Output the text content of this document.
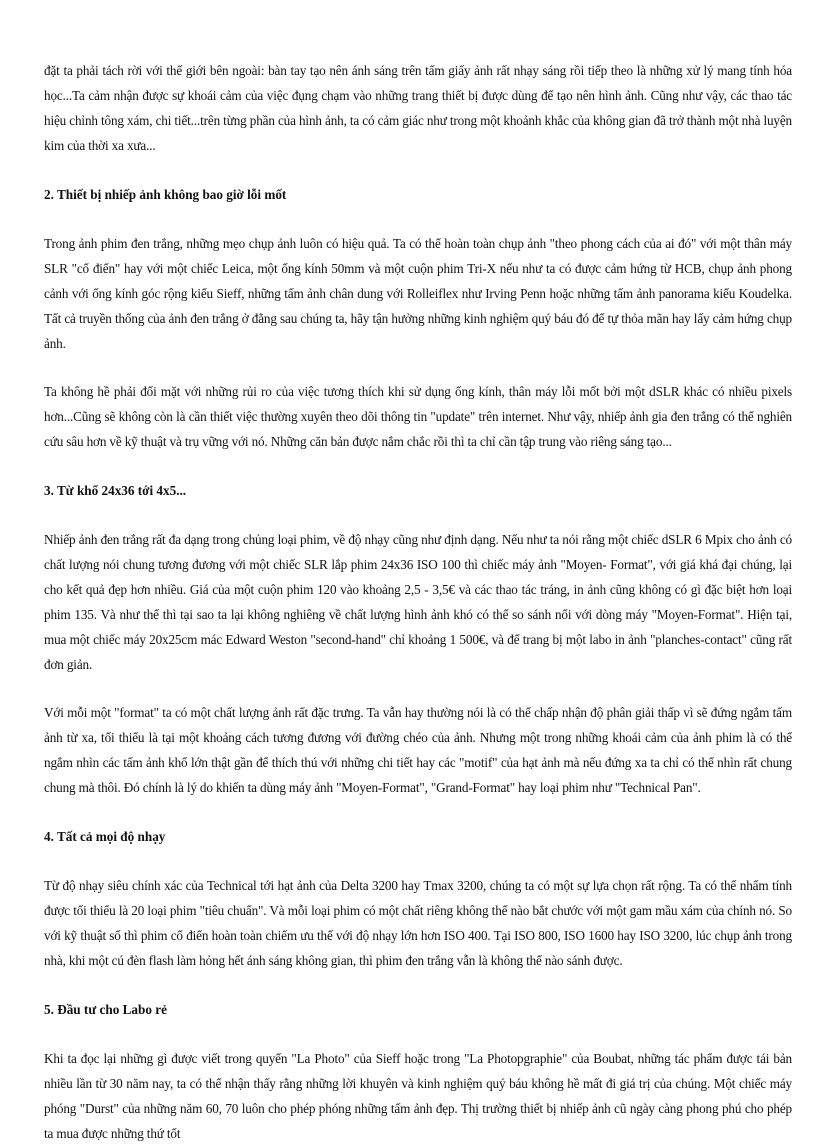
đặt ta phải tách rời với thế giới bên ngoài: bàn tay tạo nên ánh sáng trên tấm giấy ảnh rất nhạy sáng rồi tiếp theo là những xử lý mang tính hóa học...Ta cảm nhận được sự khoái cảm của việc đụng chạm vào những trang thiết bị được dùng để tạo nên hình ảnh. Cũng như vậy, các thao tác hiệu chỉnh tông xám, chi tiết...trên từng phần của hình ảnh, ta có cảm giác như trong một khoảnh khắc của không gian đã trở thành một nhà luyện kim của thời xa xưa...

2. Thiết bị nhiếp ảnh không bao giờ lỗi mốt

Trong ảnh phim đen trắng, những mẹo chụp ảnh luôn có hiệu quả. Ta có thể hoàn toàn chụp ảnh "theo phong cách của ai đó" với một thân máy SLR "cổ điển" hay với một chiếc Leica, một ống kính 50mm và một cuộn phim Tri-X nếu như ta có được cảm hứng từ HCB, chụp ảnh phong cảnh với ống kính góc rộng kiểu Sieff, những tấm ảnh chân dung với Rolleiflex như Irving Penn hoặc những tấm ảnh panorama kiểu Koudelka. Tất cả truyền thống của ảnh đen trắng ở đằng sau chúng ta, hãy tận hưởng những kinh nghiệm quý báu đó để tự thỏa mãn hay lấy cảm hứng chụp ảnh.

Ta không hề phải đối mặt với những rủi ro của việc tương thích khi sử dụng ống kính, thân máy lỗi mốt bởi một dSLR khác có nhiều pixels hơn...Cũng sẽ không còn là cần thiết việc thường xuyên theo dõi thông tin "update" trên internet. Như vậy, nhiếp ảnh gia đen trắng có thể nghiên cứu sâu hơn về kỹ thuật và trụ vững với nó. Những căn bản được nắm chắc rồi thì ta chỉ cần tập trung vào riêng sáng tạo...

3. Từ khổ 24x36 tới 4x5...

Nhiếp ảnh đen trắng rất đa dạng trong chủng loại phim, về độ nhạy cũng như định dạng. Nếu như ta nói rằng một chiếc dSLR 6 Mpix cho ảnh có chất lượng nói chung tương đương với một chiếc SLR lắp phim 24x36 ISO 100 thì chiếc máy ảnh "Moyen- Format", với giá khá đại chúng, lại cho kết quả đẹp hơn nhiều. Giá của một cuộn phim 120 vào khoảng 2,5 - 3,5€ và các thao tác tráng, in ảnh cũng không có gì đặc biệt hơn loại phim 135. Và như thế thì tại sao ta lại không nghiêng về chất lượng hình ảnh khó có thể so sánh nổi với dòng máy "Moyen-Format". Hiện tại, mua một chiếc máy 20x25cm mác Edward Weston "second-hand" chỉ khoảng 1 500€, và để trang bị một labo in ảnh "planches-contact" cũng rất đơn giản.

Với mỗi một "format" ta có một chất lượng ảnh rất đặc trưng. Ta vẫn hay thường nói là có thể chấp nhận độ phân giải thấp vì sẽ đứng ngắm tấm ảnh từ xa, tối thiểu là tại một khoảng cách tương đương với đường chéo của ảnh. Nhưng một trong những khoái cảm của ảnh phim là có thể ngắm nhìn các tấm ảnh khổ lớn thật gần để thích thú với những chi tiết hay các "motif" của hạt ảnh mà nếu đứng xa ta chỉ có thể nhìn rất chung chung mà thôi. Đó chính là lý do khiến ta dùng máy ảnh "Moyen-Format", "Grand-Format" hay loại phim như "Technical Pan".

4. Tất cả mọi độ nhạy

Từ độ nhạy siêu chính xác của Technical tới hạt ảnh của Delta 3200 hay Tmax 3200, chúng ta có một sự lựa chọn rất rộng. Ta có thể nhẩm tính được tối thiểu là 20 loại phim "tiêu chuẩn". Và mỗi loại phim có một chất riêng không thể nào bắt chước với một gam mầu xám của chính nó. So với kỹ thuật số thì phim cổ điển hoàn toàn chiếm ưu thế với độ nhạy lớn hơn ISO 400. Tại ISO 800, ISO 1600 hay ISO 3200, lúc chụp ảnh trong nhà, khi một cú đèn flash làm hỏng hết ánh sáng không gian, thì phim đen trắng vẫn là không thể nào sánh được.

5. Đầu tư cho Labo rẻ

Khi ta đọc lại những gì được viết trong quyển "La Photo" của Sieff hoặc trong "La Photopgraphie" của Boubat, những tác phẩm được tái bản nhiều lần từ 30 năm nay, ta có thể nhận thấy rằng những lời khuyên và kinh nghiệm quý báu không hề mất đi giá trị của chúng. Một chiếc máy phóng "Durst" của những năm 60, 70 luôn cho phép phóng những tấm ảnh đẹp. Thị trường thiết bị nhiếp ảnh cũ ngày càng phong phú cho phép ta mua được những thứ tốt
